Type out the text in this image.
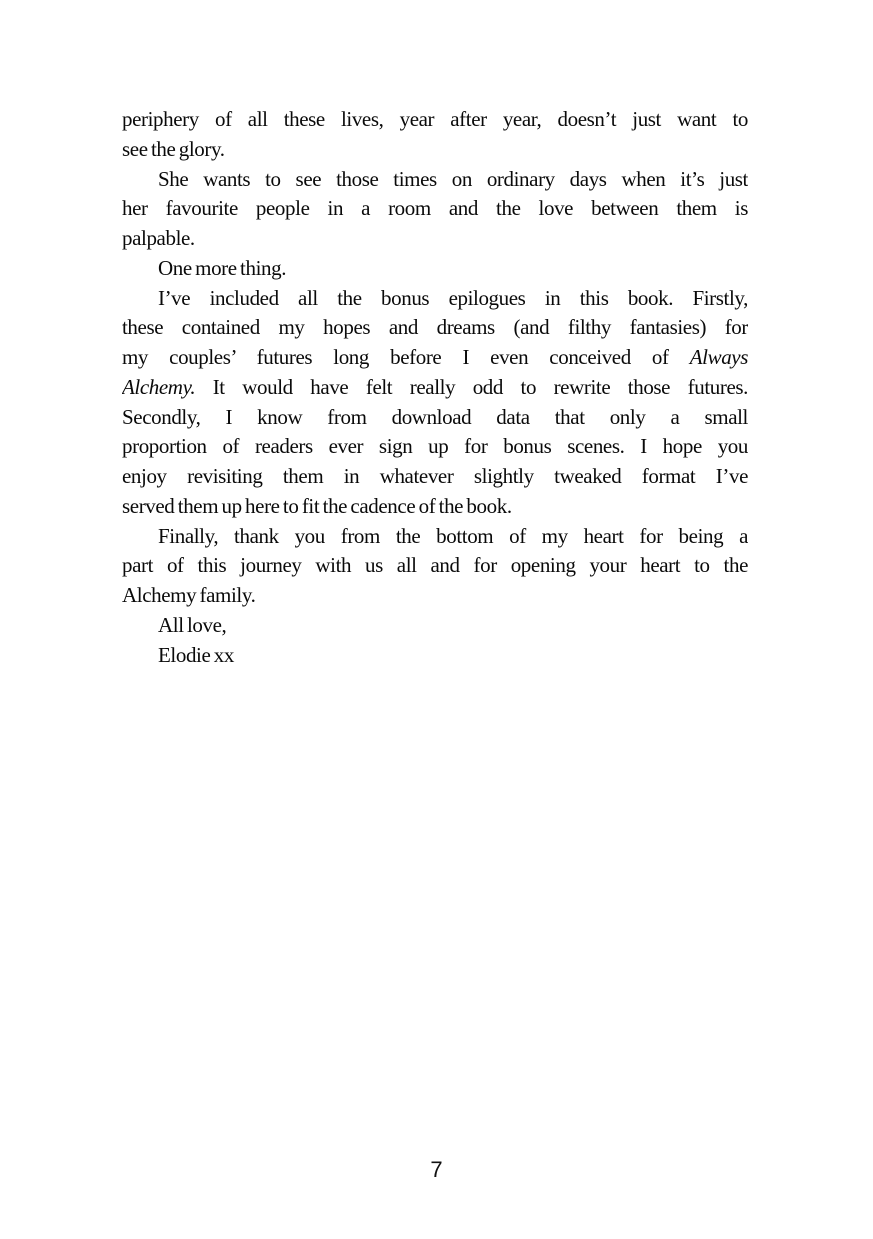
periphery of all these lives, year after year, doesn’t just want to
see the glory.
She wants to see those times on ordinary days when it’s just
her favourite people in a room and the love between them is
palpable.
One more thing.
I’ve included all the bonus epilogues in this book. Firstly,
these contained my hopes and dreams (and filthy fantasies) for
my couples’ futures long before I even conceived of Always
Alchemy. It would have felt really odd to rewrite those futures.
Secondly, I know from download data that only a small
proportion of readers ever sign up for bonus scenes. I hope you
enjoy revisiting them in whatever slightly tweaked format I’ve
served them up here to fit the cadence of the book.
Finally, thank you from the bottom of my heart for being a
part of this journey with us all and for opening your heart to the
Alchemy family.
All love,
Elodie xx
7
